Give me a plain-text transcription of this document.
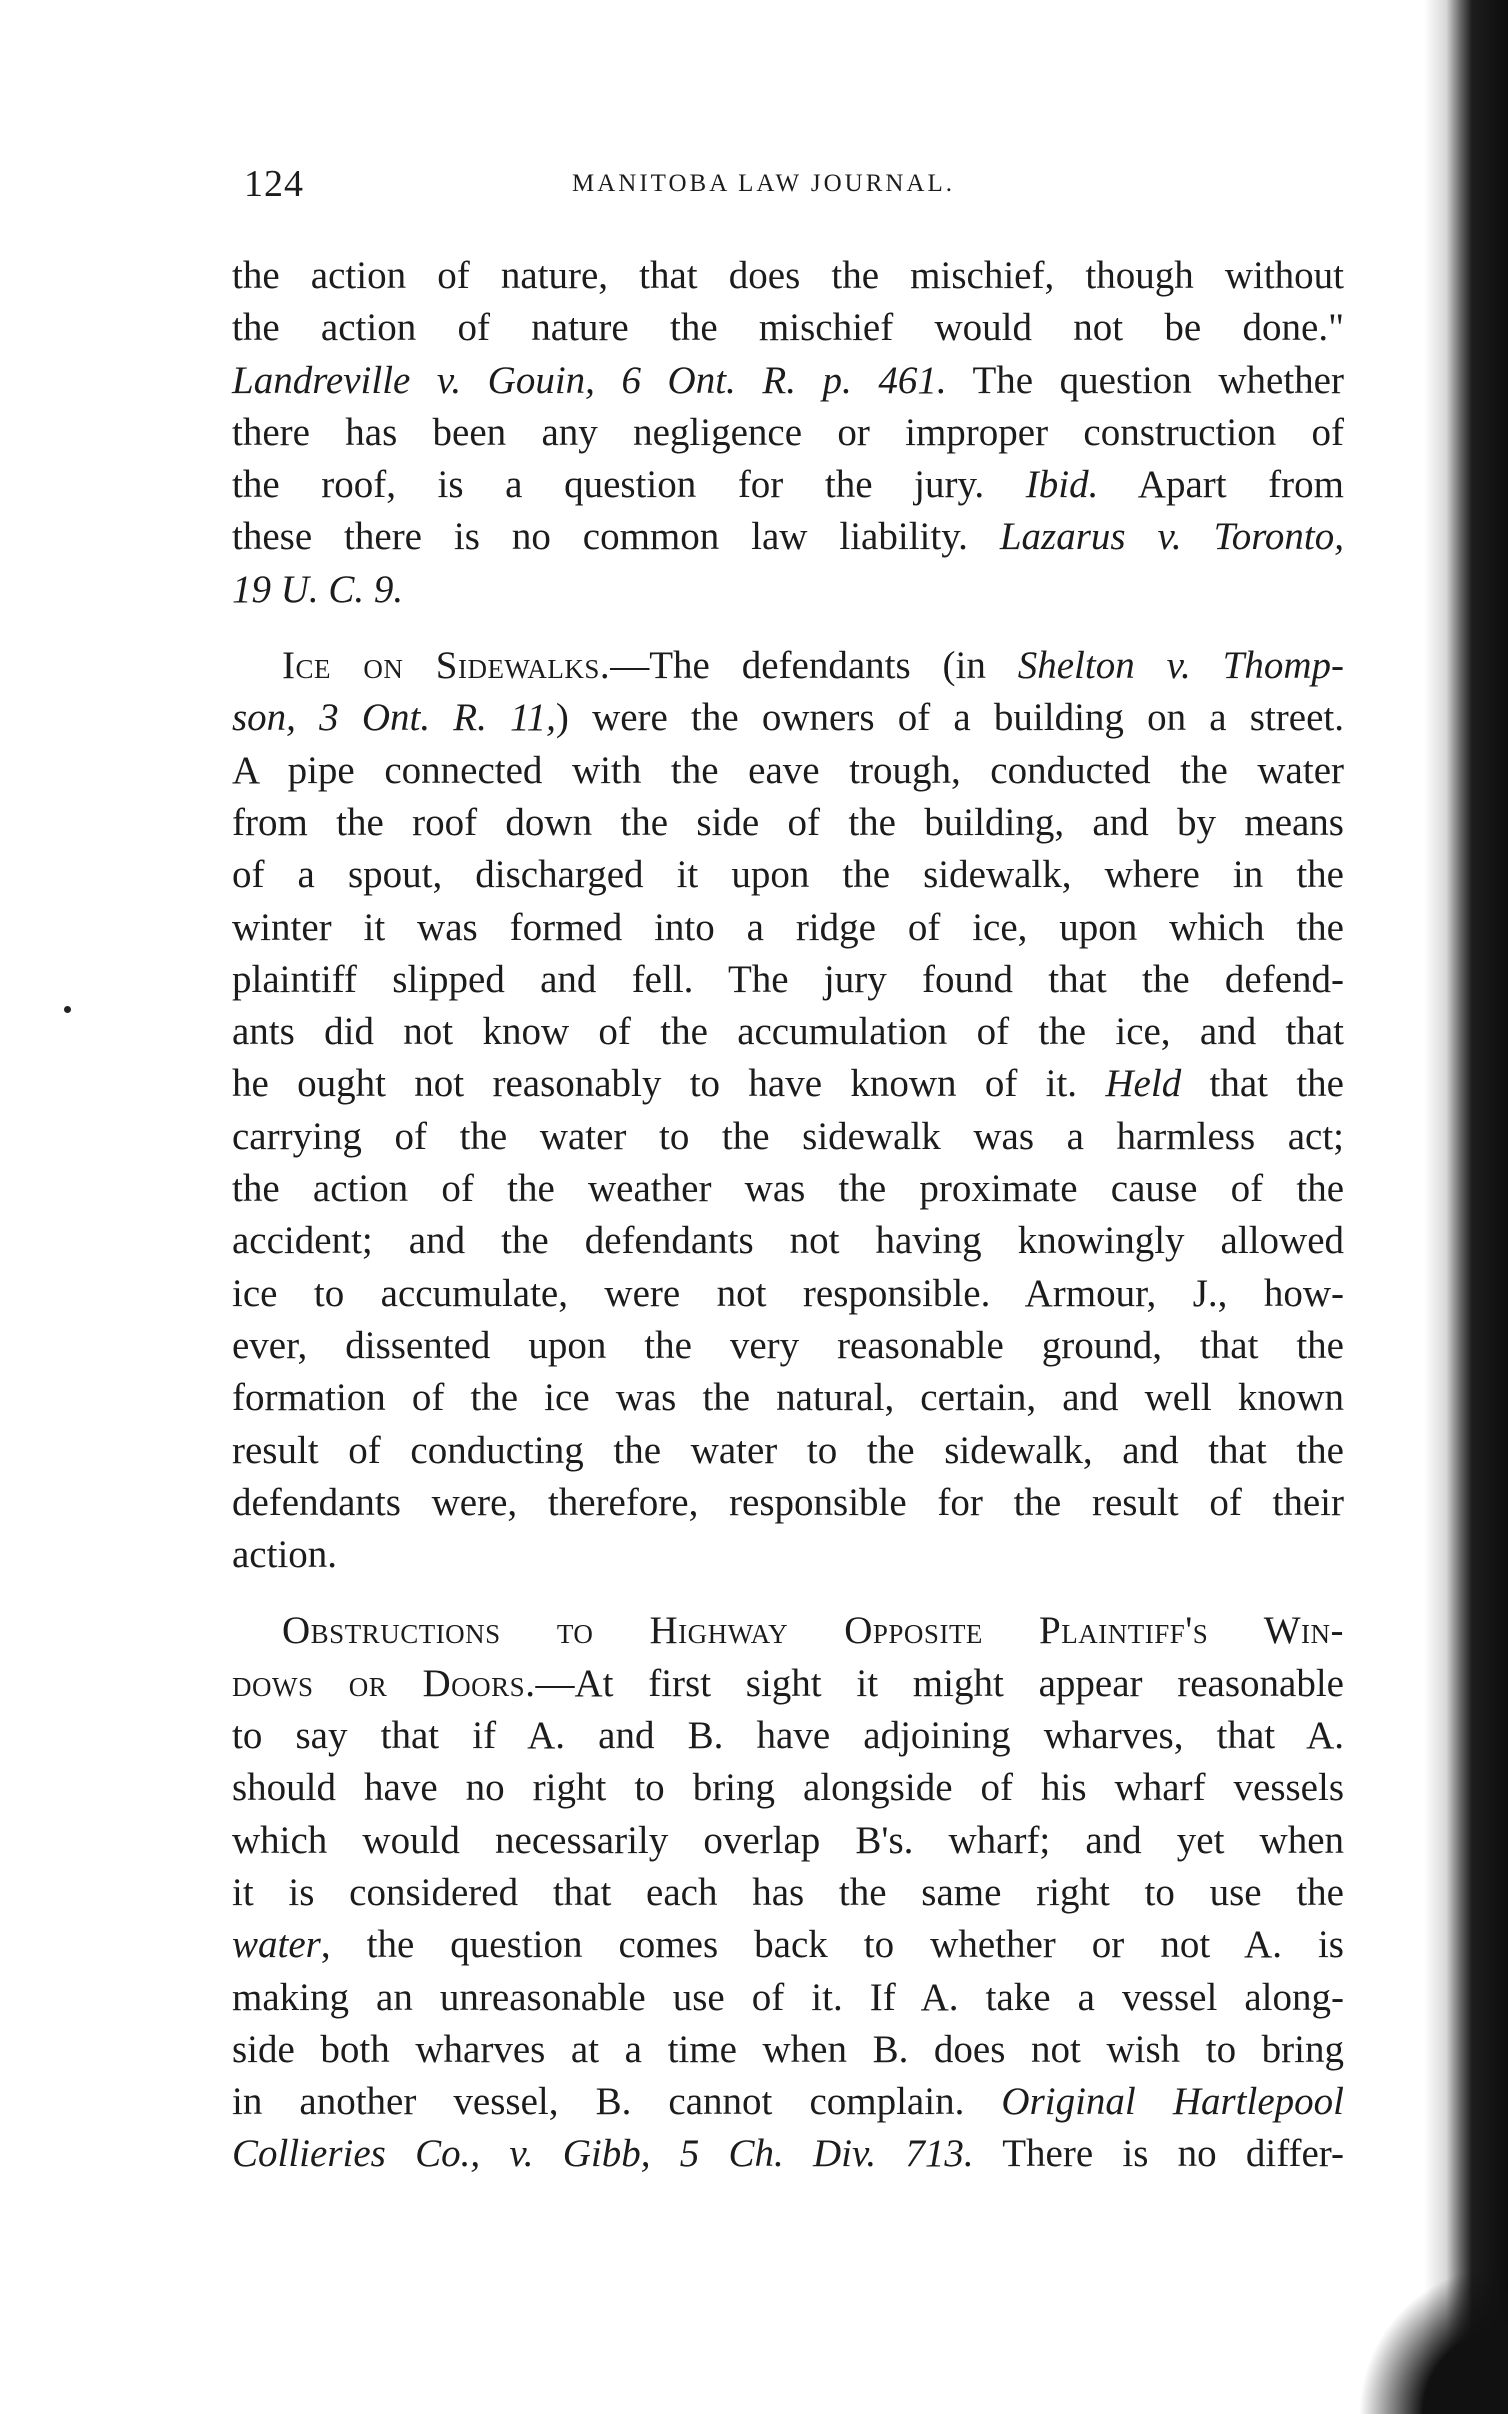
124	MANITOBA LAW JOURNAL.
the action of nature, that does the mischief, though without
the action of nature the mischief would not be done."
Landreville v. Gouin, 6 Ont. R. p. 461. The question whether
there has been any negligence or improper construction of
the roof, is a question for the jury. Ibid. Apart from
these there is no common law liability. Lazarus v. Toronto,
19 U. C. 9.
Ice on Sidewalks.—The defendants (in Shelton v. Thomp-
son, 3 Ont. R. 11,) were the owners of a building on a street.
A pipe connected with the eave trough, conducted the water
from the roof down the side of the building, and by means
of a spout, discharged it upon the sidewalk, where in the
winter it was formed into a ridge of ice, upon which the
plaintiff slipped and fell. The jury found that the defend-
ants did not know of the accumulation of the ice, and that
he ought not reasonably to have known of it. Held that the
carrying of the water to the sidewalk was a harmless act;
the action of the weather was the proximate cause of the
accident; and the defendants not having knowingly allowed
ice to accumulate, were not responsible. Armour, J., how-
ever, dissented upon the very reasonable ground, that the
formation of the ice was the natural, certain, and well known
result of conducting the water to the sidewalk, and that the
defendants were, therefore, responsible for the result of their
action.
Obstructions to Highway Opposite Plaintiff's Win-
dows or Doors.—At first sight it might appear reasonable
to say that if A. and B. have adjoining wharves, that A.
should have no right to bring alongside of his wharf vessels
which would necessarily overlap B's. wharf; and yet when
it is considered that each has the same right to use the
water, the question comes back to whether or not A. is
making an unreasonable use of it. If A. take a vessel along-
side both wharves at a time when B. does not wish to bring
in another vessel, B. cannot complain. Original Hartlepool
Collieries Co., v. Gibb, 5 Ch. Div. 713. There is no differ-
